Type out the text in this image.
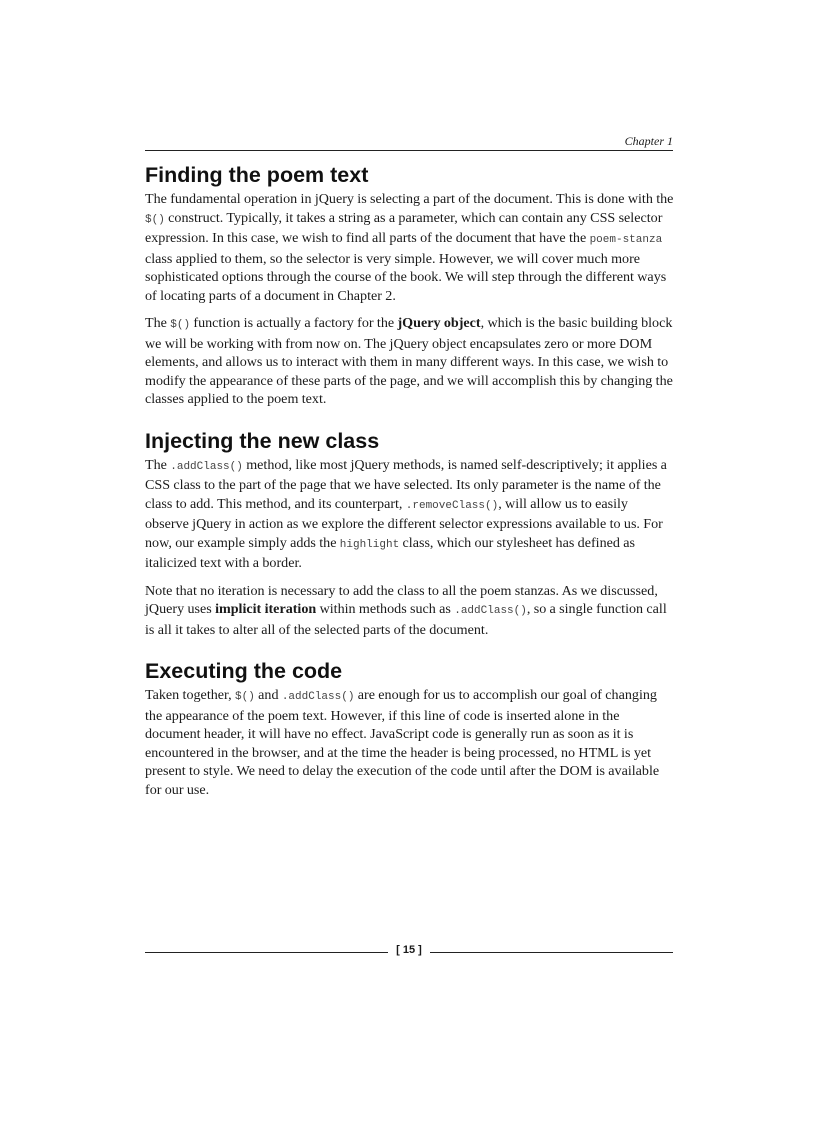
Chapter 1
Finding the poem text

The fundamental operation in jQuery is selecting a part of the document. This is done with the $() construct. Typically, it takes a string as a parameter, which can contain any CSS selector expression. In this case, we wish to find all parts of the document that have the poem-stanza class applied to them, so the selector is very simple. However, we will cover much more sophisticated options through the course of the book. We will step through the different ways of locating parts of a document in Chapter 2.

The $() function is actually a factory for the jQuery object, which is the basic building block we will be working with from now on. The jQuery object encapsulates zero or more DOM elements, and allows us to interact with them in many different ways. In this case, we wish to modify the appearance of these parts of the page, and we will accomplish this by changing the classes applied to the poem text.

Injecting the new class

The .addClass() method, like most jQuery methods, is named self-descriptively; it applies a CSS class to the part of the page that we have selected. Its only parameter is the name of the class to add. This method, and its counterpart, .removeClass(), will allow us to easily observe jQuery in action as we explore the different selector expressions available to us. For now, our example simply adds the highlight class, which our stylesheet has defined as italicized text with a border.

Note that no iteration is necessary to add the class to all the poem stanzas. As we discussed, jQuery uses implicit iteration within methods such as .addClass(), so a single function call is all it takes to alter all of the selected parts of the document.

Executing the code

Taken together, $() and .addClass() are enough for us to accomplish our goal of changing the appearance of the poem text. However, if this line of code is inserted alone in the document header, it will have no effect. JavaScript code is generally run as soon as it is encountered in the browser, and at the time the header is being processed, no HTML is yet present to style. We need to delay the execution of the code until after the DOM is available for our use.

[ 15 ]
